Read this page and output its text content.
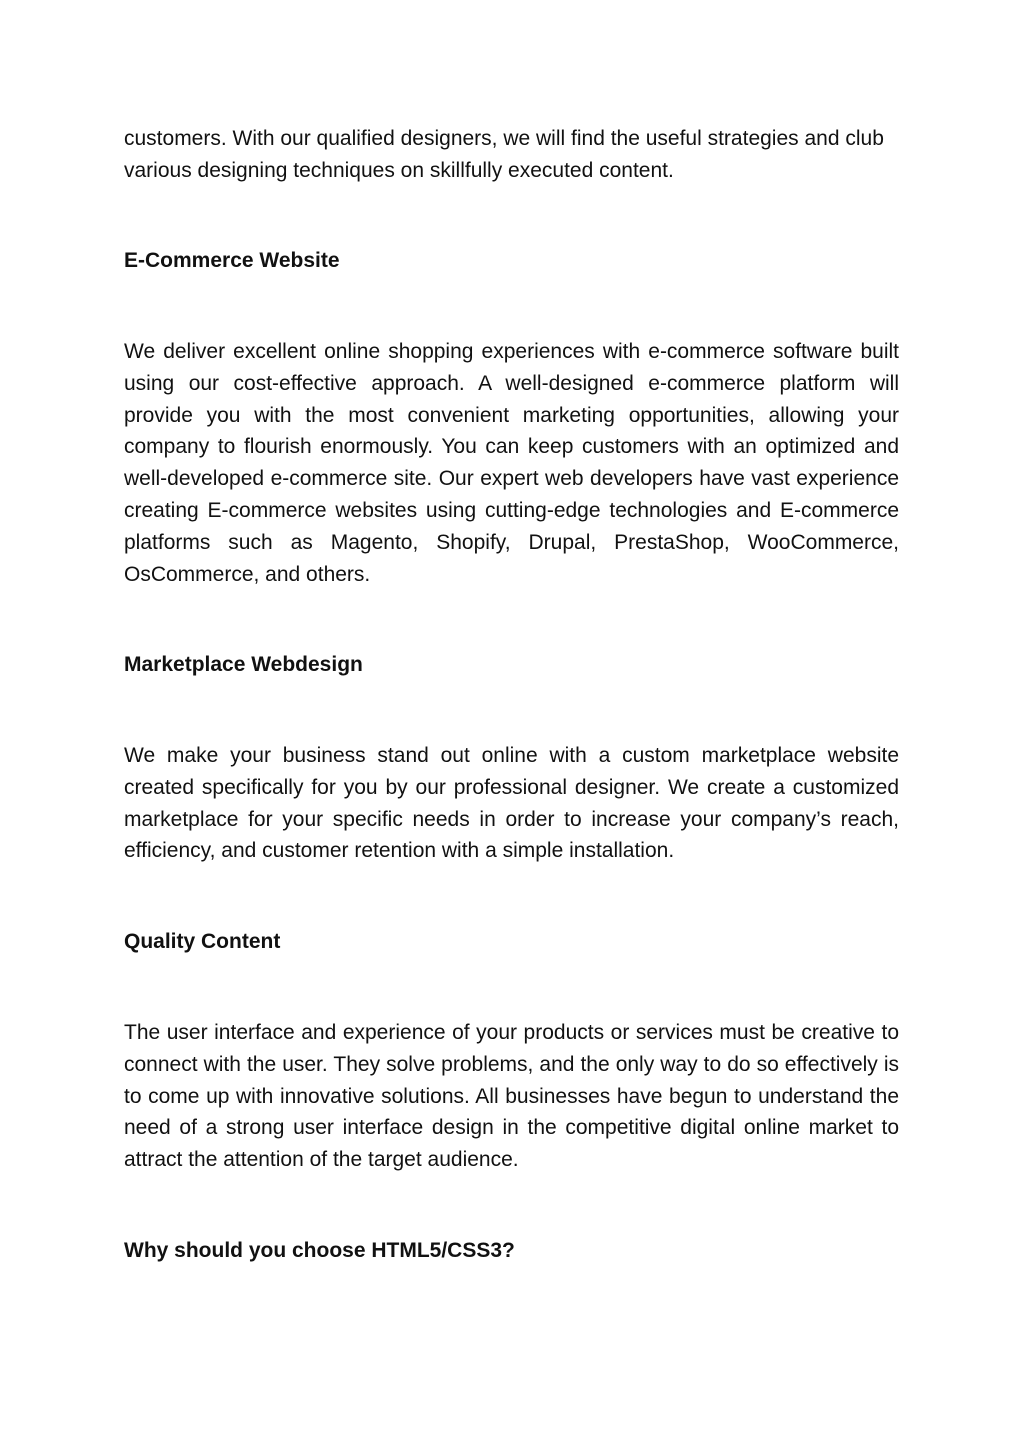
customers. With our qualified designers, we will find the useful strategies and club various designing techniques on skillfully executed content.

E-Commerce Website

We deliver excellent online shopping experiences with e-commerce software built using our cost-effective approach. A well-designed e-commerce platform will provide you with the most convenient marketing opportunities, allowing your company to flourish enormously. You can keep customers with an optimized and well-developed e-commerce site. Our expert web developers have vast experience creating E-commerce websites using cutting-edge technologies and E-commerce platforms such as Magento, Shopify, Drupal, PrestaShop, WooCommerce, OsCommerce, and others.

Marketplace Webdesign

We make your business stand out online with a custom marketplace website created specifically for you by our professional designer. We create a customized marketplace for your specific needs in order to increase your company’s reach, efficiency, and customer retention with a simple installation.

Quality Content

The user interface and experience of your products or services must be creative to connect with the user. They solve problems, and the only way to do so effectively is to come up with innovative solutions. All businesses have begun to understand the need of a strong user interface design in the competitive digital online market to attract the attention of the target audience.

Why should you choose HTML5/CSS3?
